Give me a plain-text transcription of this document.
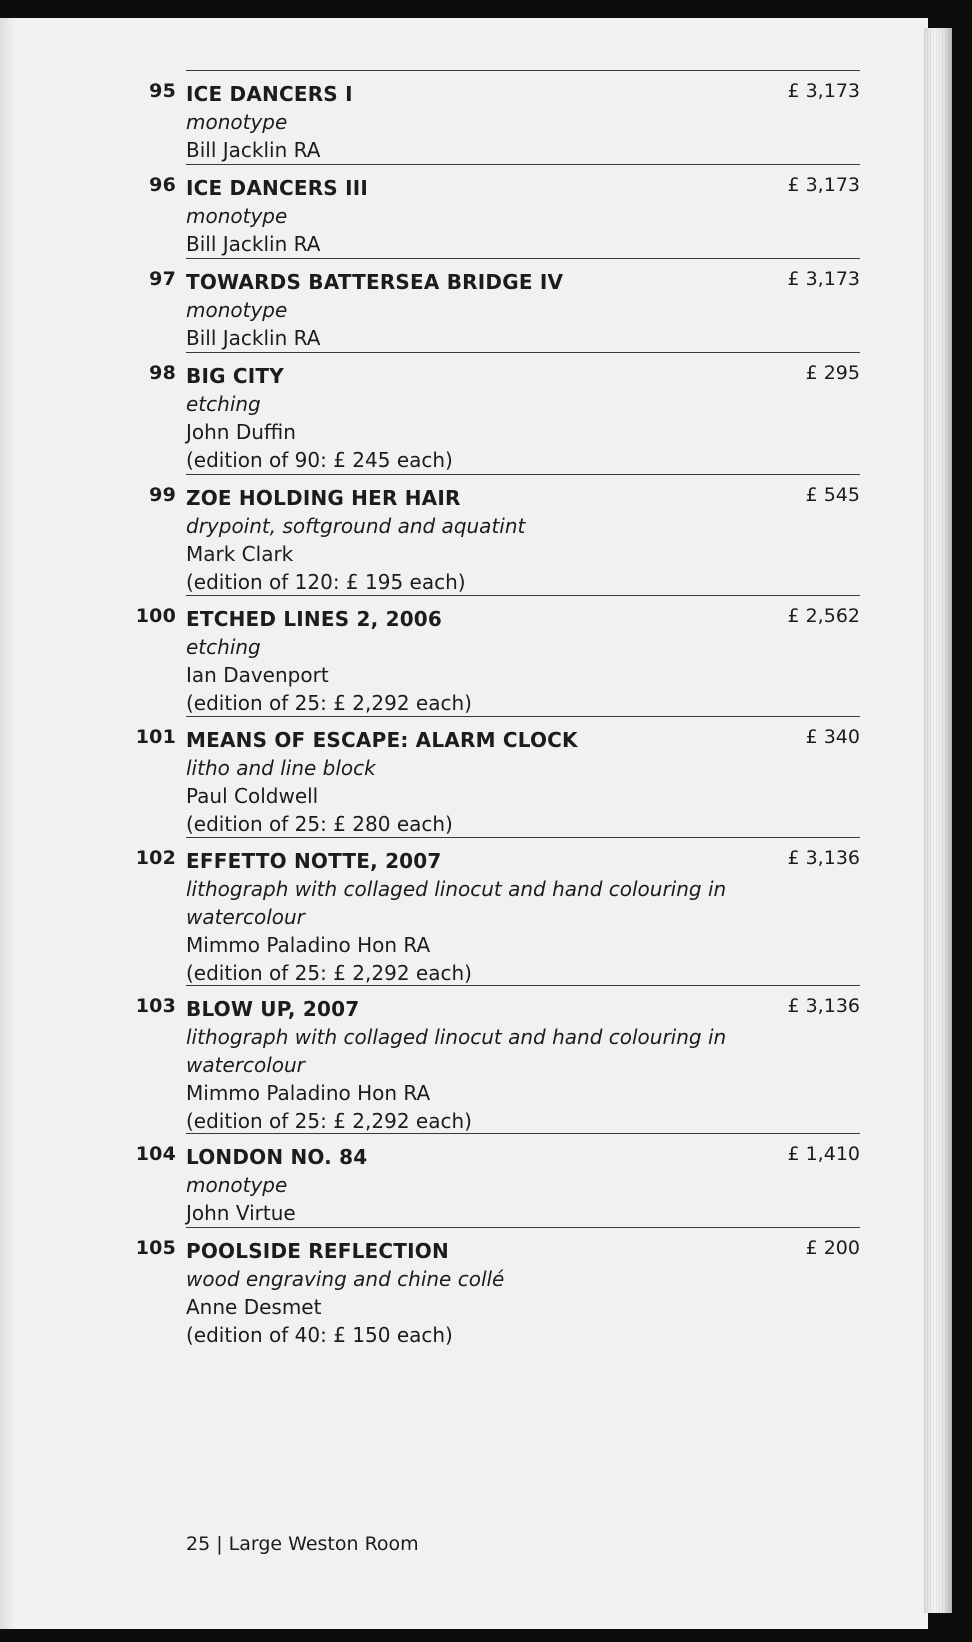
95	£ 3,173
ICE DANCERS I
monotype
Bill Jacklin RA
96	£ 3,173
ICE DANCERS III
monotype
Bill Jacklin RA
97	£ 3,173
TOWARDS BATTERSEA BRIDGE IV
monotype
Bill Jacklin RA
98	£ 295
BIG CITY
etching
John Duffin
(edition of 90: £ 245 each)
99	£ 545
ZOE HOLDING HER HAIR
drypoint, softground and aquatint
Mark Clark
(edition of 120: £ 195 each)
100	£ 2,562
ETCHED LINES 2, 2006
etching
Ian Davenport
(edition of 25: £ 2,292 each)
101	£ 340
MEANS OF ESCAPE: ALARM CLOCK
litho and line block
Paul Coldwell
(edition of 25: £ 280 each)
102	£ 3,136
EFFETTO NOTTE, 2007
lithograph with collaged linocut and hand colouring in watercolour
Mimmo Paladino Hon RA
(edition of 25: £ 2,292 each)
103	£ 3,136
BLOW UP, 2007
lithograph with collaged linocut and hand colouring in watercolour
Mimmo Paladino Hon RA
(edition of 25: £ 2,292 each)
104	£ 1,410
LONDON NO. 84
monotype
John Virtue
105	£ 200
POOLSIDE REFLECTION
wood engraving and chine collé
Anne Desmet
(edition of 40: £ 150 each)
25 | Large Weston Room
